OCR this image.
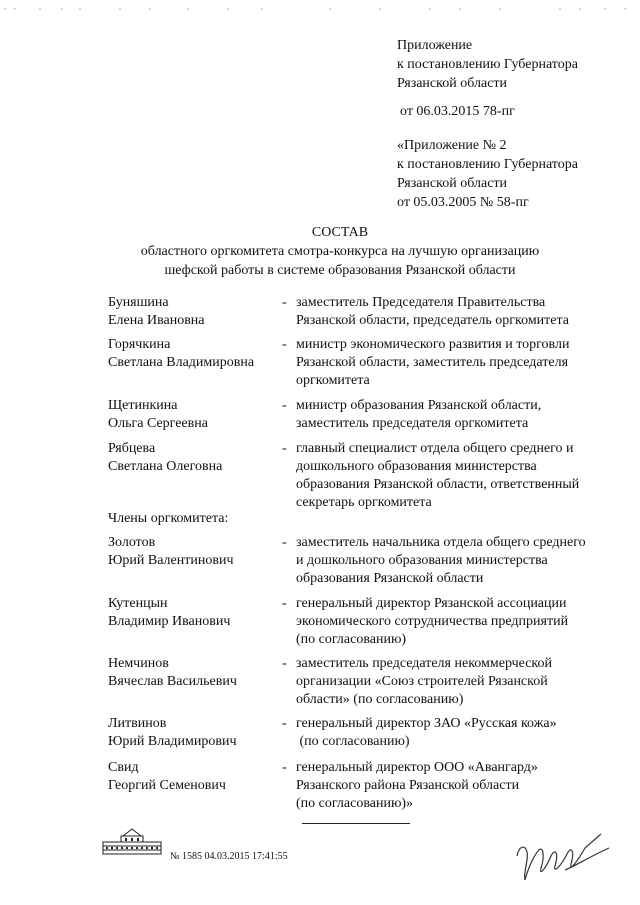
Приложение
к постановлению Губернатора
Рязанской области
от 06.03.2015 78-пг
«Приложение № 2
к постановлению Губернатора
Рязанской области
от 05.03.2005 № 58-пг
СОСТАВ
областного оргкомитета смотра-конкурса на лучшую организацию
шефской работы в системе образования Рязанской области
Буняшина
Елена Ивановна
- заместитель Председателя Правительства
Рязанской области, председатель оргкомитета
Горячкина
Светлана Владимировна
- министр экономического развития и торговли
Рязанской области, заместитель председателя
оргкомитета
Щетинкина
Ольга Сергеевна
- министр образования Рязанской области,
заместитель председателя оргкомитета
Рябцева
Светлана Олеговна
- главный специалист отдела общего среднего и
дошкольного образования министерства
образования Рязанской области, ответственный
секретарь оргкомитета
Члены оргкомитета:
Золотов
Юрий Валентинович
- заместитель начальника отдела общего среднего
и дошкольного образования министерства
образования Рязанской области
Кутенцын
Владимир Иванович
- генеральный директор Рязанской ассоциации
экономического сотрудничества предприятий
(по согласованию)
Немчинов
Вячеслав Васильевич
- заместитель председателя некоммерческой
организации «Союз строителей Рязанской
области» (по согласованию)
Литвинов
Юрий Владимирович
- генеральный директор ЗАО «Русская кожа»
(по согласованию)
Свид
Георгий Семенович
- генеральный директор ООО «Авангард»
Рязанского района Рязанской области
(по согласованию)»
№ 1585 04.03.2015 17:41:55
